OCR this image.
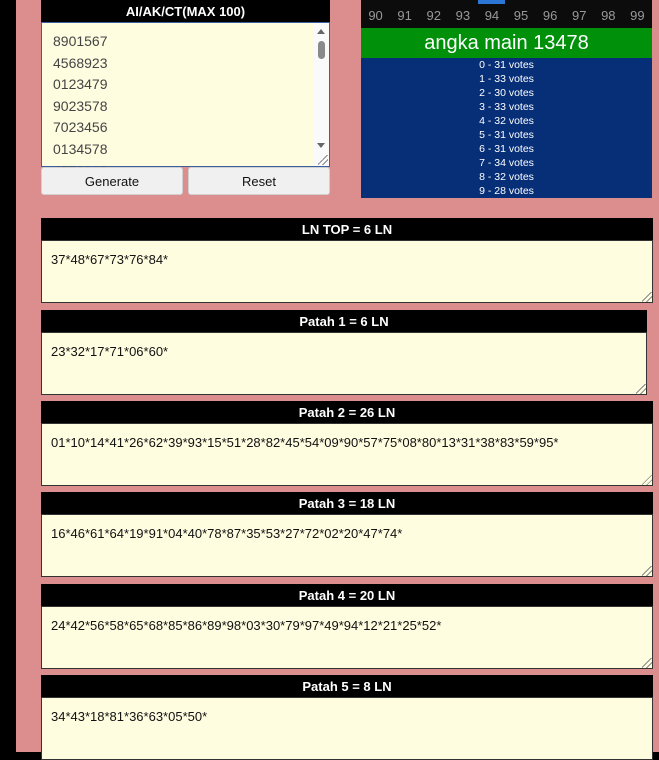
AI/AK/CT(MAX 100)
8901567
4568923
0123479
9023578
7023456
0134578
Generate	Reset
90	91	92	93	94	95	96	97	98	99
angka main 13478
0 - 31 votes
1 - 33 votes
2 - 30 votes
3 - 33 votes
4 - 32 votes
5 - 31 votes
6 - 31 votes
7 - 34 votes
8 - 32 votes
9 - 28 votes
LN TOP = 6 LN
37*48*67*73*76*84*
Patah 1 = 6 LN
23*32*17*71*06*60*
Patah 2 = 26 LN
01*10*14*41*26*62*39*93*15*51*28*82*45*54*09*90*57*75*08*80*13*31*38*83*59*95*
Patah 3 = 18 LN
16*46*61*64*19*91*04*40*78*87*35*53*27*72*02*20*47*74*
Patah 4 = 20 LN
24*42*56*58*65*68*85*86*89*98*03*30*79*97*49*94*12*21*25*52*
Patah 5 = 8 LN
34*43*18*81*36*63*05*50*
